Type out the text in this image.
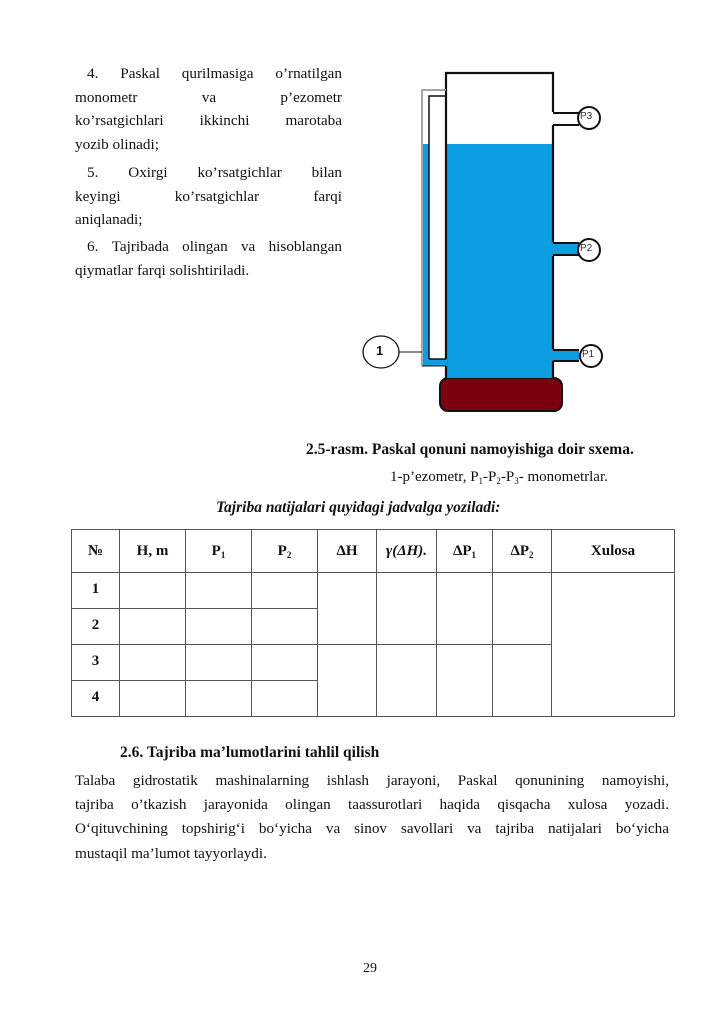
4. Paskal qurilmasiga o’rnatilgan
monometr va p’ezometr
ko’rsatgichlari ikkinchi marotaba
yozib olinadi;
5. Oxirgi ko’rsatgichlar bilan
keyingi ko’rsatgichlar farqi
aniqlanadi;
6. Tajribada olingan va hisoblangan
qiymatlar farqi solishtiriladi.
1
P3
P2
P1
2.5-rasm. Paskal qonuni namoyishiga doir sxema.
1-p’ezometr, $P_1-P_2-P_3-$ monometrlar.
Tajriba natijalari quyidagi jadvalga yoziladi:
№	H, m	$P_1$	$P_2$	ΔH	γ(ΔH).	$\Delta P_1$	$\Delta P_2$	Xulosa
1								
2								
3								
4								
2.6. Tajriba ma’lumotlarini tahlil qilish
Talaba gidrostatik mashinalarning ishlash jarayoni, Paskal qonunining namoyishi,
tajriba o’tkazish jarayonida olingan taassurotlari haqida qisqacha xulosa yozadi.
O‘qituvchining topshirig‘i bo‘yicha va sinov savollari va tajriba natijalari bo‘yicha
mustaqil ma’lumot tayyorlaydi.
29
